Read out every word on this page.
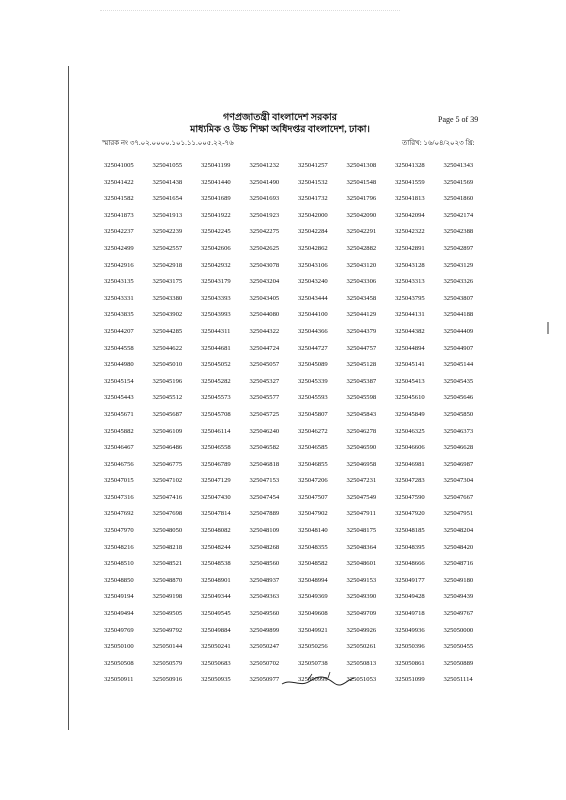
গণপ্রজাতন্ত্রী বাংলাদেশ সরকার
মাধ্যমিক ও উচ্চ শিক্ষা অধিদপ্তর বাংলাদেশ, ঢাকা।
Page 5 of 39
স্মারক নং ৩৭.০২.০০০০.১০১.১১.০০৫.২২-৭৬	তারিখ: ১৬/০৪/২০২৩ খ্রি:
325041005	325041055	325041199	325041232	325041257	325041308	325041328	325041343
325041422	325041438	325041440	325041490	325041532	325041548	325041559	325041569
325041582	325041654	325041689	325041693	325041732	325041796	325041813	325041860
325041873	325041913	325041922	325041923	325042000	325042090	325042094	325042174
325042237	325042239	325042245	325042275	325042284	325042291	325042322	325042388
325042499	325042557	325042606	325042625	325042862	325042882	325042891	325042897
325042916	325042918	325042932	325043078	325043106	325043120	325043128	325043129
325043135	325043175	325043179	325043204	325043240	325043306	325043313	325043326
325043331	325043380	325043393	325043405	325043444	325043458	325043795	325043807
325043835	325043902	325043993	325044080	325044100	325044129	325044131	325044188
325044207	325044285	325044311	325044322	325044366	325044379	325044382	325044409
325044558	325044622	325044681	325044724	325044727	325044757	325044894	325044907
325044980	325045010	325045052	325045057	325045089	325045128	325045141	325045144
325045154	325045196	325045282	325045327	325045339	325045387	325045413	325045435
325045443	325045512	325045573	325045577	325045593	325045598	325045610	325045646
325045671	325045687	325045708	325045725	325045807	325045843	325045849	325045850
325045882	325046109	325046114	325046240	325046272	325046278	325046325	325046373
325046467	325046486	325046558	325046582	325046585	325046590	325046606	325046628
325046756	325046775	325046789	325046818	325046855	325046958	325046981	325046987
325047015	325047102	325047129	325047153	325047206	325047231	325047283	325047304
325047316	325047416	325047430	325047454	325047507	325047549	325047590	325047667
325047692	325047698	325047814	325047889	325047902	325047911	325047920	325047951
325047970	325048050	325048082	325048109	325048140	325048175	325048185	325048204
325048216	325048218	325048244	325048268	325048355	325048364	325048395	325048420
325048510	325048521	325048538	325048560	325048582	325048601	325048666	325048716
325048850	325048870	325048901	325048937	325048994	325049153	325049177	325049180
325049194	325049198	325049344	325049363	325049369	325049390	325049428	325049439
325049494	325049505	325049545	325049560	325049608	325049709	325049718	325049767
325049769	325049792	325049884	325049899	325049921	325049926	325049936	325050000
325050100	325050144	325050241	325050247	325050256	325050261	325050396	325050455
325050508	325050579	325050683	325050702	325050738	325050813	325050861	325050889
325050911	325050916	325050935	325050977	325050999	325051053	325051099	325051114
